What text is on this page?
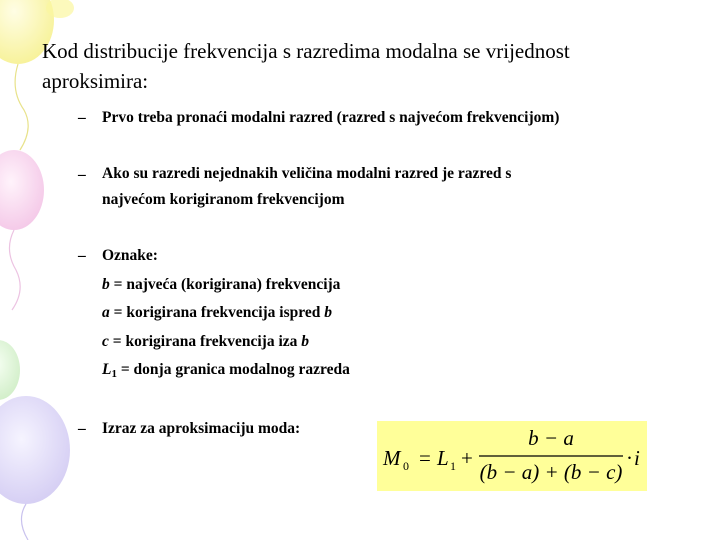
Kod distribucije frekvencija s razredima modalna se vrijednost
aproksimira:
–	Prvo treba pronaći modalni razred (razred s najvećom frekvencijom)
–	Ako su razredi nejednakih veličina modalni razred je razred s
najvećom korigiranom frekvencijom
–	Oznake:
b = najveća (korigirana) frekvencija
a = korigirana frekvencija ispred b
c = korigirana frekvencija iza b
$L_1$ = donja granica modalnog razreda
–	Izraz za aproksimaciju moda:
M 0 = L 1 +
b − a
(b − a) + (b − c)
· i
